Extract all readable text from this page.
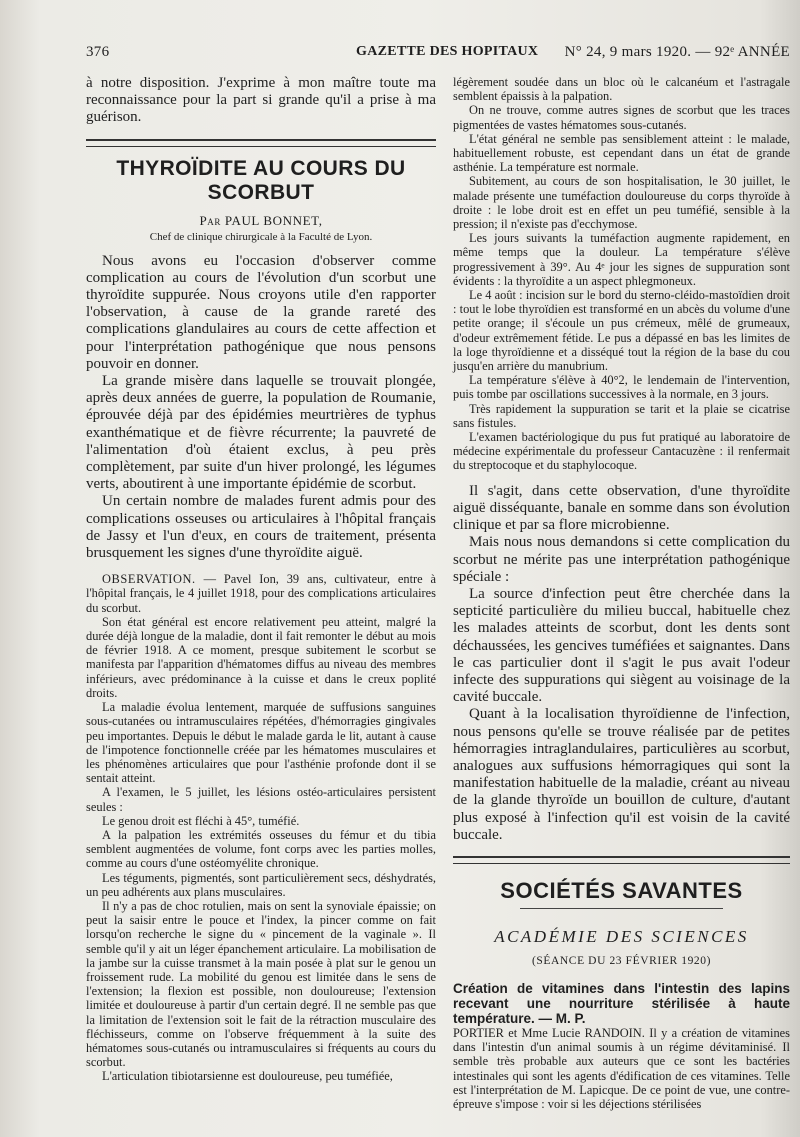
376	GAZETTE DES HOPITAUX N° 24, 9 mars 1920. — 92ᵉ ANNÉE

à notre disposition. J'exprime à mon maître toute ma reconnaissance pour la part si grande qu'il a prise à ma guérison.

THYROÏDITE AU COURS DU SCORBUT
Par PAUL BONNET,
Chef de clinique chirurgicale à la Faculté de Lyon.

Nous avons eu l'occasion d'observer comme complication au cours de l'évolution d'un scorbut une thyroïdite suppurée. Nous croyons utile d'en rapporter l'observation, à cause de la grande rareté des complications glandulaires au cours de cette affection et pour l'interprétation pathogénique que nous pensons pouvoir en donner.

La grande misère dans laquelle se trouvait plongée, après deux années de guerre, la population de Roumanie, éprouvée déjà par des épidémies meurtrières de typhus exanthématique et de fièvre récurrente; la pauvreté de l'alimentation d'où étaient exclus, à peu près complètement, par suite d'un hiver prolongé, les légumes verts, aboutirent à une importante épidémie de scorbut.

Un certain nombre de malades furent admis pour des complications osseuses ou articulaires à l'hôpital français de Jassy et l'un d'eux, en cours de traitement, présenta brusquement les signes d'une thyroïdite aiguë.

OBSERVATION. — Pavel Ion, 39 ans, cultivateur, entre à l'hôpital français, le 4 juillet 1918, pour des complications articulaires du scorbut.

Son état général est encore relativement peu atteint, malgré la durée déjà longue de la maladie, dont il fait remonter le début au mois de février 1918. A ce moment, presque subitement le scorbut se manifesta par l'apparition d'hématomes diffus au niveau des membres inférieurs, avec prédominance à la cuisse et dans le creux poplité droits.

La maladie évolua lentement, marquée de suffusions sanguines sous-cutanées ou intramusculaires répétées, d'hémorragies gingivales peu importantes. Depuis le début le malade garda le lit, autant à cause de l'impotence fonctionnelle créée par les hématomes musculaires et les phénomènes articulaires que pour l'asthénie profonde dont il se sentait atteint.

A l'examen, le 5 juillet, les lésions ostéo-articulaires persistent seules :

Le genou droit est fléchi à 45°, tuméfié.

A la palpation les extrémités osseuses du fémur et du tibia semblent augmentées de volume, font corps avec les parties molles, comme au cours d'une ostéomyélite chronique.

Les téguments, pigmentés, sont particulièrement secs, déshydratés, un peu adhérents aux plans musculaires.

Il n'y a pas de choc rotulien, mais on sent la synoviale épaissie; on peut la saisir entre le pouce et l'index, la pincer comme on fait lorsqu'on recherche le signe du « pincement de la vaginale ». Il semble qu'il y ait un léger épanchement articulaire. La mobilisation de la jambe sur la cuisse transmet à la main posée à plat sur le genou un froissement rude. La mobilité du genou est limitée dans le sens de l'extension; la flexion est possible, non douloureuse; l'extension limitée et douloureuse à partir d'un certain degré. Il ne semble pas que la limitation de l'extension soit le fait de la rétraction musculaire des fléchisseurs, comme on l'observe fréquemment à la suite des hématomes sous-cutanés ou intramusculaires si fréquents au cours du scorbut.

L'articulation tibiotarsienne est douloureuse, peu tuméfiée,

légèrement soudée dans un bloc où le calcanéum et l'astragale semblent épaissis à la palpation.

On ne trouve, comme autres signes de scorbut que les traces pigmentées de vastes hématomes sous-cutanés.

L'état général ne semble pas sensiblement atteint : le malade, habituellement robuste, est cependant dans un état de grande asthénie. La température est normale.

Subitement, au cours de son hospitalisation, le 30 juillet, le malade présente une tuméfaction douloureuse du corps thyroïde à droite : le lobe droit est en effet un peu tuméfié, sensible à la pression; il n'existe pas d'ecchymose.

Les jours suivants la tuméfaction augmente rapidement, en même temps que la douleur. La température s'élève progressivement à 39°. Au 4ᵉ jour les signes de suppuration sont évidents : la thyroïdite a un aspect phlegmoneux.

Le 4 août : incision sur le bord du sterno-cléido-mastoïdien droit : tout le lobe thyroïdien est transformé en un abcès du volume d'une petite orange; il s'écoule un pus crémeux, mêlé de grumeaux, d'odeur extrêmement fétide. Le pus a dépassé en bas les limites de la loge thyroïdienne et a disséqué tout la région de la base du cou jusqu'en arrière du manubrium.

La température s'élève à 40°2, le lendemain de l'intervention, puis tombe par oscillations successives à la normale, en 3 jours.

Très rapidement la suppuration se tarit et la plaie se cicatrise sans fistules.

L'examen bactériologique du pus fut pratiqué au laboratoire de médecine expérimentale du professeur Cantacuzène : il renfermait du streptocoque et du staphylocoque.

Il s'agit, dans cette observation, d'une thyroïdite aiguë disséquante, banale en somme dans son évolution clinique et par sa flore microbienne.

Mais nous nous demandons si cette complication du scorbut ne mérite pas une interprétation pathogénique spéciale :

La source d'infection peut être cherchée dans la septicité particulière du milieu buccal, habituelle chez les malades atteints de scorbut, dont les dents sont déchaussées, les gencives tuméfiées et saignantes. Dans le cas particulier dont il s'agit le pus avait l'odeur infecte des suppurations qui siègent au voisinage de la cavité buccale.

Quant à la localisation thyroïdienne de l'infection, nous pensons qu'elle se trouve réalisée par de petites hémorragies intraglandulaires, particulières au scorbut, analogues aux suffusions hémorragiques qui sont la manifestation habituelle de la maladie, créant au niveau de la glande thyroïde un bouillon de culture, d'autant plus exposé à l'infection qu'il est voisin de la cavité buccale.

SOCIÉTÉS SAVANTES
ACADÉMIE DES SCIENCES
(SÉANCE DU 23 FÉVRIER 1920)

Création de vitamines dans l'intestin des lapins recevant une nourriture stérilisée à haute température. — M. P.

PORTIER et Mme Lucie RANDOIN. Il y a création de vitamines dans l'intestin d'un animal soumis à un régime dévitaminisé. Il semble très probable aux auteurs que ce sont les bactéries intestinales qui sont les agents d'édification de ces vitamines. Telle est l'interprétation de M. Lapicque. De ce point de vue, une contre-épreuve s'impose : voir si les déjections stérilisées
